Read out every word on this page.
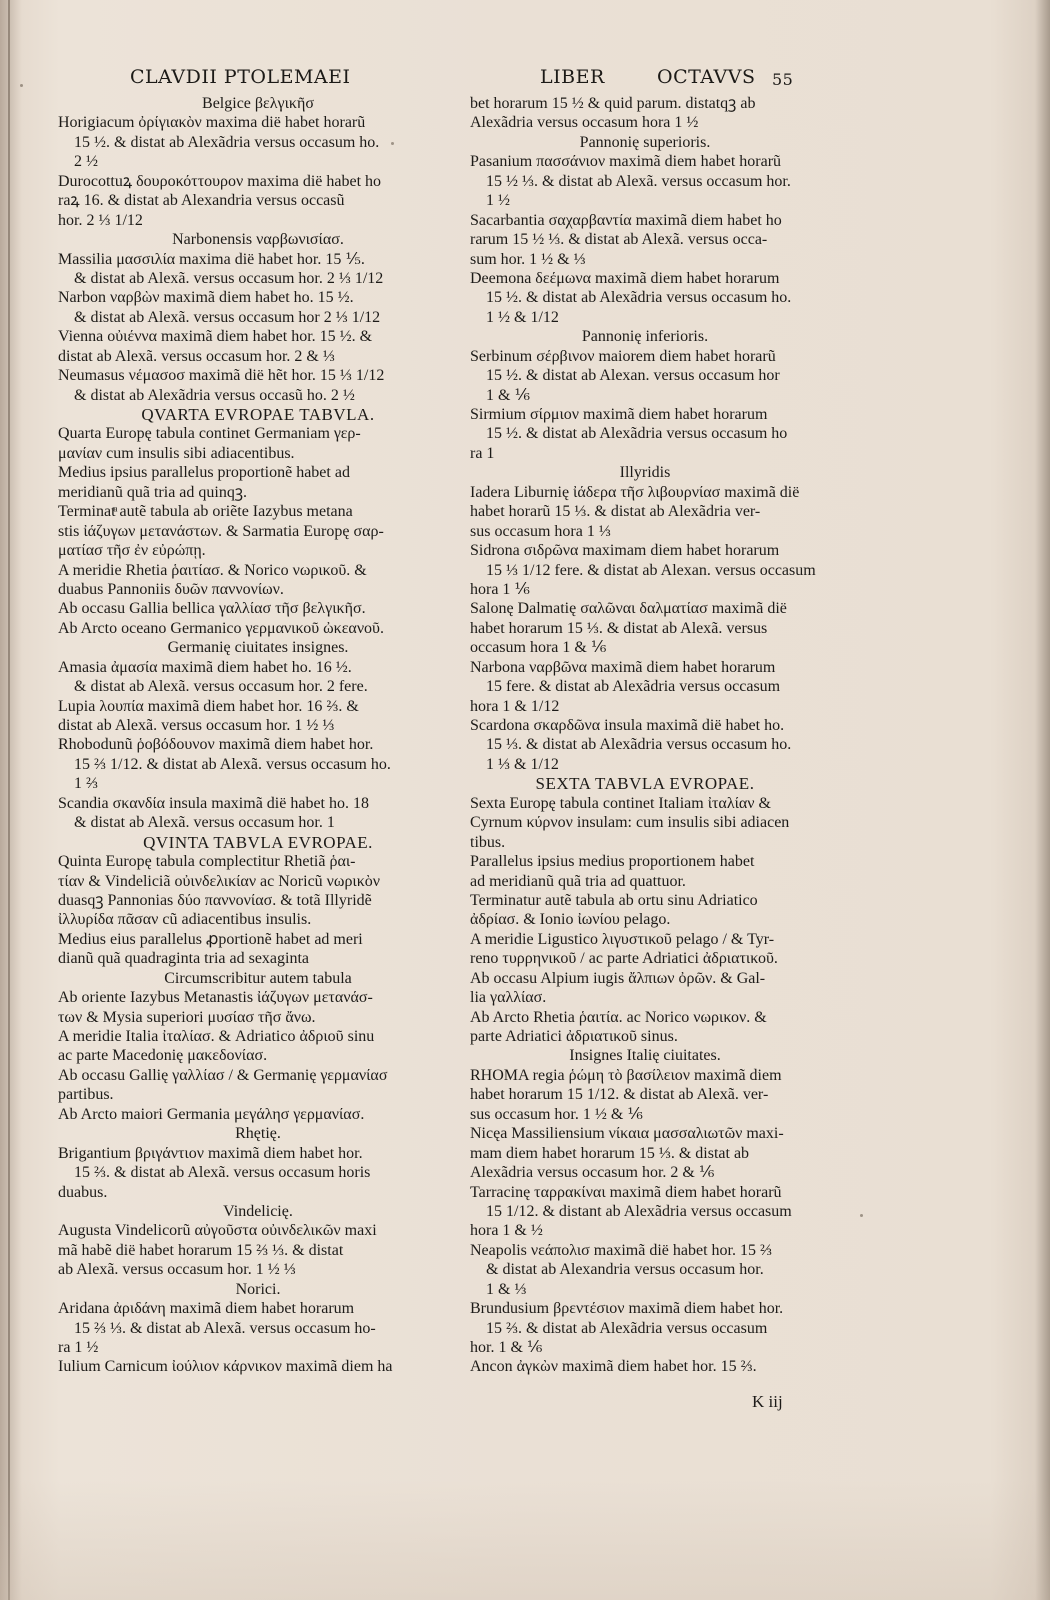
CLAVDII PTOLEMAEI	LIBER	OCTAVVS 55
Belgice βελγικῆσ
Horigiacum ὀρίγιακὸν maxima dië habet horarũ
15 ½. & distat ab Alexãdria versus occasum ho.
2 ½
Durocottuꝝ δουροκόττουρον maxima dië habet ho
raꝝ 16. & distat ab Alexandria versus occasũ
hor. 2 ⅓ 1/12
Narbonensis ναρβωνισίασ.
Massilia μασσιλία maxima dië habet hor. 15 ⅕.
& distat ab Alexã. versus occasum hor. 2 ⅓ 1/12
Narbon ναρβὼν maximã diem habet ho. 15 ½.
& distat ab Alexã. versus occasum hor 2 ⅓ 1/12
Vienna οὐιέννα maximã diem habet hor. 15 ½. &
distat ab Alexã. versus occasum hor. 2 & ⅓
Neumasus νέμασοσ maximã dië hẽt hor. 15 ⅓ 1/12
& distat ab Alexãdria versus occasũ ho. 2 ½
QVARTA EVROPAE TABVLA.
Quarta Europę tabula continet Germaniam γερ-
μανίαν cum insulis sibi adiacentibus.
Medius ipsius parallelus proportionẽ habet ad
meridianũ quã tria ad quinqꝫ.
Terminatͣ autẽ tabula ab oriẽte Iazybus metana
stis ἰάζυγων μετανάστων. & Sarmatia Europę σαρ-
ματίασ τῆσ ἐν εὐρώπῃ.
A meridie Rhetia ῥαιτίασ. & Norico νωρικοῦ. &
duabus Pannoniis δυῶν παννονίων.
Ab occasu Gallia bellica γαλλίασ τῆσ βελγικῆσ.
Ab Arcto oceano Germanico γερμανικοῦ ὠκεανοῦ.
Germanię ciuitates insignes.
Amasia ἀμασία maximã diem habet ho. 16 ½.
& distat ab Alexã. versus occasum hor. 2 fere.
Lupia λουπία maximã diem habet hor. 16 ⅔. &
distat ab Alexã. versus occasum hor. 1 ½ ⅓
Rhobodunũ ῥοβόδουνον maximã diem habet hor.
15 ⅔ 1/12. & distat ab Alexã. versus occasum ho.
1 ⅔
Scandia σκανδία insula maximã dië habet ho. 18
& distat ab Alexã. versus occasum hor. 1
QVINTA TABVLA EVROPAE.
Quinta Europę tabula complectitur Rhetiã ῥαι-
τίαν & Vindeliciã οὐινδελικίαν ac Noricũ νωρικὸν
duasqꝫ Pannonias δύο παννονίασ. & totã Illyridẽ
ἰλλυρίδα πᾶσαν cũ adiacentibus insulis.
Medius eius parallelus ꝓportionẽ habet ad meri
dianũ quã quadraginta tria ad sexaginta
Circumscribitur autem tabula
Ab oriente Iazybus Metanastis ἰάζυγων μετανάσ-
των & Mysia superiori μυσίασ τῆσ ἄνω.
A meridie Italia ἰταλίασ. & Adriatico ἀδριοῦ sinu
ac parte Macedonię μακεδονίασ.
Ab occasu Gallię γαλλίασ / & Germanię γερμανίασ
partibus.
Ab Arcto maiori Germania μεγάλησ γερμανίασ.
Rhętię.
Brigantium βριγάντιον maximã diem habet hor.
15 ⅔. & distat ab Alexã. versus occasum horis
duabus.
Vindelicię.
Augusta Vindelicorũ αὐγοῦστα οὐινδελικῶν maxi
mã habẽ dië habet horarum 15 ⅔ ⅓. & distat
ab Alexã. versus occasum hor. 1 ½ ⅓
Norici.
Aridana ἀριδάνη maximã diem habet horarum
15 ⅔ ⅓. & distat ab Alexã. versus occasum ho-
ra 1 ½
Iulium Carnicum ἰούλιον κάρνικον maximã diem ha
bet horarum 15 ½ & quid parum. distatqꝫ ab
Alexãdria versus occasum hora 1 ½
Pannonię superioris.
Pasanium πασσάνιον maximã diem habet horarũ
15 ½ ⅓. & distat ab Alexã. versus occasum hor.
1 ½
Sacarbantia σαχαρβαντία maximã diem habet ho
rarum 15 ½ ⅓. & distat ab Alexã. versus occa-
sum hor. 1 ½ & ⅓
Deemona δεέμωνα maximã diem habet horarum
15 ½. & distat ab Alexãdria versus occasum ho.
1 ½ & 1/12
Pannonię inferioris.
Serbinum σέρβινον maiorem diem habet horarũ
15 ½. & distat ab Alexan. versus occasum hor
1 & ⅙
Sirmium σίρμιον maximã diem habet horarum
15 ½. & distat ab Alexãdria versus occasum ho
ra 1
Illyridis
Iadera Liburnię ἰάδερα τῆσ λιβουρνίασ maximã dië
habet horarũ 15 ⅓. & distat ab Alexãdria ver-
sus occasum hora 1 ⅓
Sidrona σιδρῶνα maximam diem habet horarum
15 ⅓ 1/12 fere. & distat ab Alexan. versus occasum
hora 1 ⅙
Salonę Dalmatię σαλῶναι δαλματίασ maximã dië
habet horarum 15 ⅓. & distat ab Alexã. versus
occasum hora 1 & ⅙
Narbona ναρβῶνα maximã diem habet horarum
15 fere. & distat ab Alexãdria versus occasum
hora 1 & 1/12
Scardona σκαρδῶνα insula maximã dië habet ho.
15 ⅓. & distat ab Alexãdria versus occasum ho.
1 ⅓ & 1/12
SEXTA TABVLA EVROPAE.
Sexta Europę tabula continet Italiam ἰταλίαν &
Cyrnum κύρνον insulam: cum insulis sibi adiacen
tibus.
Parallelus ipsius medius proportionem habet
ad meridianũ quã tria ad quattuor.
Terminatur autẽ tabula ab ortu sinu Adriatico
ἀδρίασ. & Ionio ἰωνίου pelago.
A meridie Ligustico λιγυστικοῦ pelago / & Tyr-
reno τυρρηνικοῦ / ac parte Adriatici ἀδριατικοῦ.
Ab occasu Alpium iugis ἄλπιων ὀρῶν. & Gal-
lia γαλλίασ.
Ab Arcto Rhetia ῥαιτία. ac Norico νωρικον. &
parte Adriatici ἀδριατικοῦ sinus.
Insignes Italię ciuitates.
RHOMA regia ῥώμη τὸ βασίλειον maximã diem
habet horarum 15 1/12. & distat ab Alexã. ver-
sus occasum hor. 1 ½ & ⅙
Nicęa Massiliensium νίκαια μασσαλιωτῶν maxi-
mam diem habet horarum 15 ⅓. & distat ab
Alexãdria versus occasum hor. 2 & ⅙
Tarracinę ταρρακίναι maximã diem habet horarũ
15 1/12. & distant ab Alexãdria versus occasum
hora 1 & ½
Neapolis νεάπολισ maximã dië habet hor. 15 ⅔
& distat ab Alexandria versus occasum hor.
1 & ⅓
Brundusium βρεντέσιον maximã diem habet hor.
15 ⅔. & distat ab Alexãdria versus occasum
hor. 1 & ⅙
Ancon ἀγκὼν maximã diem habet hor. 15 ⅔.
K iij
